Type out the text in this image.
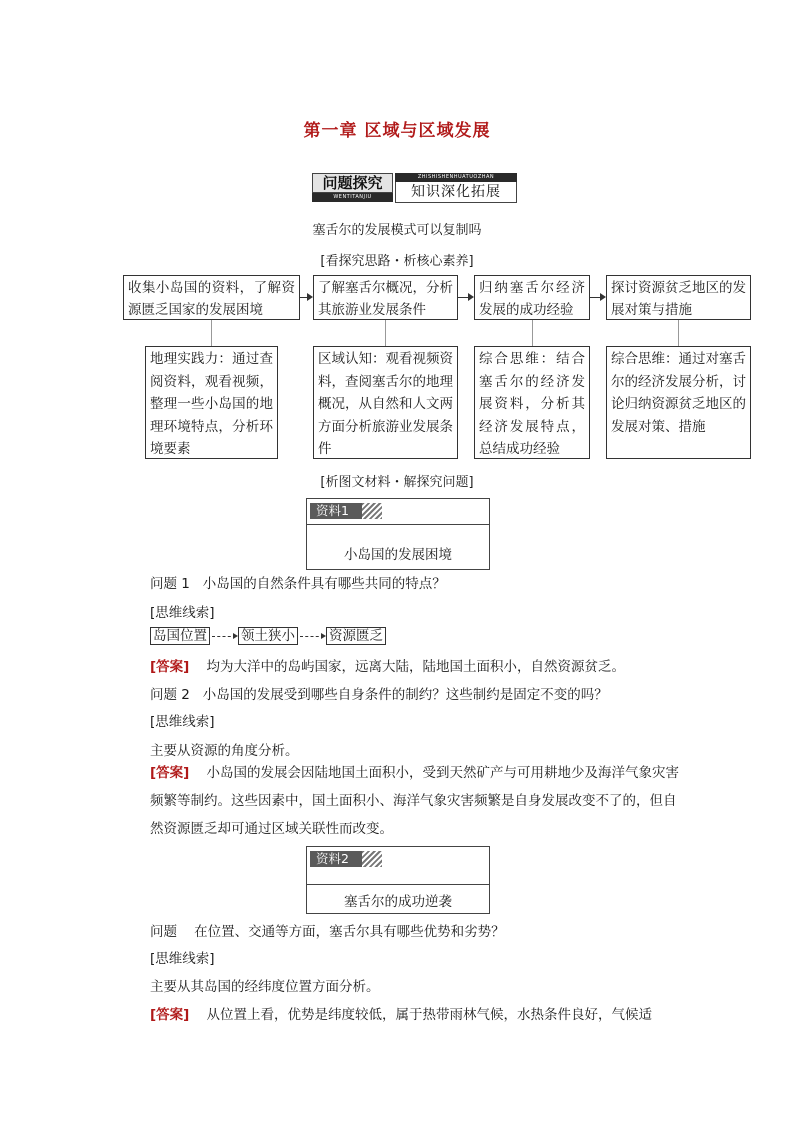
第一章 区域与区域发展
问题探究
WENTITANJIU
ZHISHISHENHUATUOZHAN
知识深化拓展
塞舌尔的发展模式可以复制吗
[看探究思路・析核心素养]
收集小岛国的资料，了解资源匮乏国家的发展困境
了解塞舌尔概况，分析其旅游业发展条件
归纳塞舌尔经济发展的成功经验
探讨资源贫乏地区的发展对策与措施
地理实践力：通过查阅资料，观看视频，整理一些小岛国的地理环境特点，分析环境要素
区域认知：观看视频资料，查阅塞舌尔的地理概况，从自然和人文两方面分析旅游业发展条件
综合思维：结合塞舌尔的经济发展资料，分析其经济发展特点，总结成功经验
综合思维：通过对塞舌尔的经济发展分析，讨论归纳资源贫乏地区的发展对策、措施
[析图文材料・解探究问题]
资料1
小岛国的发展困境
问题 1 小岛国的自然条件具有哪些共同的特点？
[思维线索]
岛国位置	领土狭小	资源匮乏
[答案] 均为大洋中的岛屿国家，远离大陆，陆地国土面积小，自然资源贫乏。
问题 2 小岛国的发展受到哪些自身条件的制约？这些制约是固定不变的吗？
[思维线索]
主要从资源的角度分析。
[答案] 小岛国的发展会因陆地国土面积小，受到天然矿产与可用耕地少及海洋气象灾害频繁等制约。这些因素中，国土面积小、海洋气象灾害频繁是自身发展改变不了的，但自然资源匮乏却可通过区域关联性而改变。
资料2
塞舌尔的成功逆袭
问题 在位置、交通等方面，塞舌尔具有哪些优势和劣势？
[思维线索]
主要从其岛国的经纬度位置方面分析。
[答案] 从位置上看，优势是纬度较低，属于热带雨林气候，水热条件良好，气候适
